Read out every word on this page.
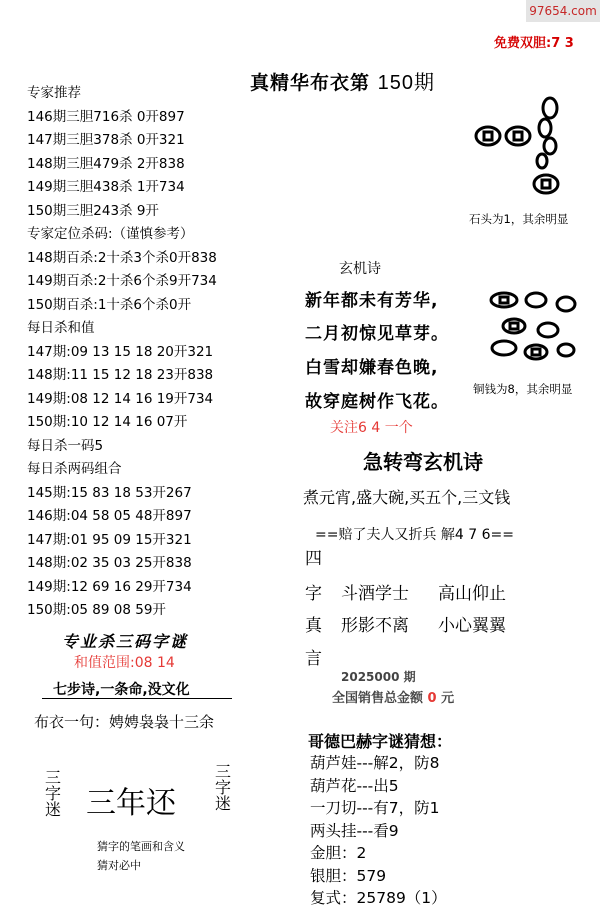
97654.com
免费双胆:7 3
真精华布衣第 150期
专家推荐
146期三胆716杀 0开897
147期三胆378杀 0开321
148期三胆479杀 2开838
149期三胆438杀 1开734
150期三胆243杀 9开
专家定位杀码:（谨慎参考）
148期百杀:2十杀3个杀0开838
149期百杀:2十杀6个杀9开734
150期百杀:1十杀6个杀0开
每日杀和值
147期:09 13 15 18 20开321
148期:11 15 12 18 23开838
149期:08 12 14 16 19开734
150期:10 12 14 16 07开
每日杀一码5
每日杀两码组合
145期:15 83 18 53开267
146期:04 58 05 48开897
147期:01 95 09 15开321
148期:02 35 03 25开838
149期:12 69 16 29开734
150期:05 89 08 59开
专业杀三码字谜
和值范围:08 14
七步诗,一条命,没文化
布衣一句：娉娉袅袅十三余
三字迷 三年还
三字迷
猜字的笔画和含义
猜对必中
石头为1，其余明显
铜钱为8，其余明显
玄机诗
新年都未有芳华,
二月初惊见草芽。
白雪却嫌春色晚,
故穿庭树作飞花。
关注6 4 一个
急转弯玄机诗
煮元宵,盛大碗,买五个,三文钱
==赔了夫人又折兵 解4 7 6==
四
字 斗酒学士 高山仰止
真 形影不离 小心翼翼
言
2025000 期
全国销售总金额 0 元
哥德巴赫字谜猜想：
葫芦娃---解2，防8
葫芦花---出5
一刀切---有7，防1
两头挂---看9
金胆：2
银胆：579
复式：25789（1）
